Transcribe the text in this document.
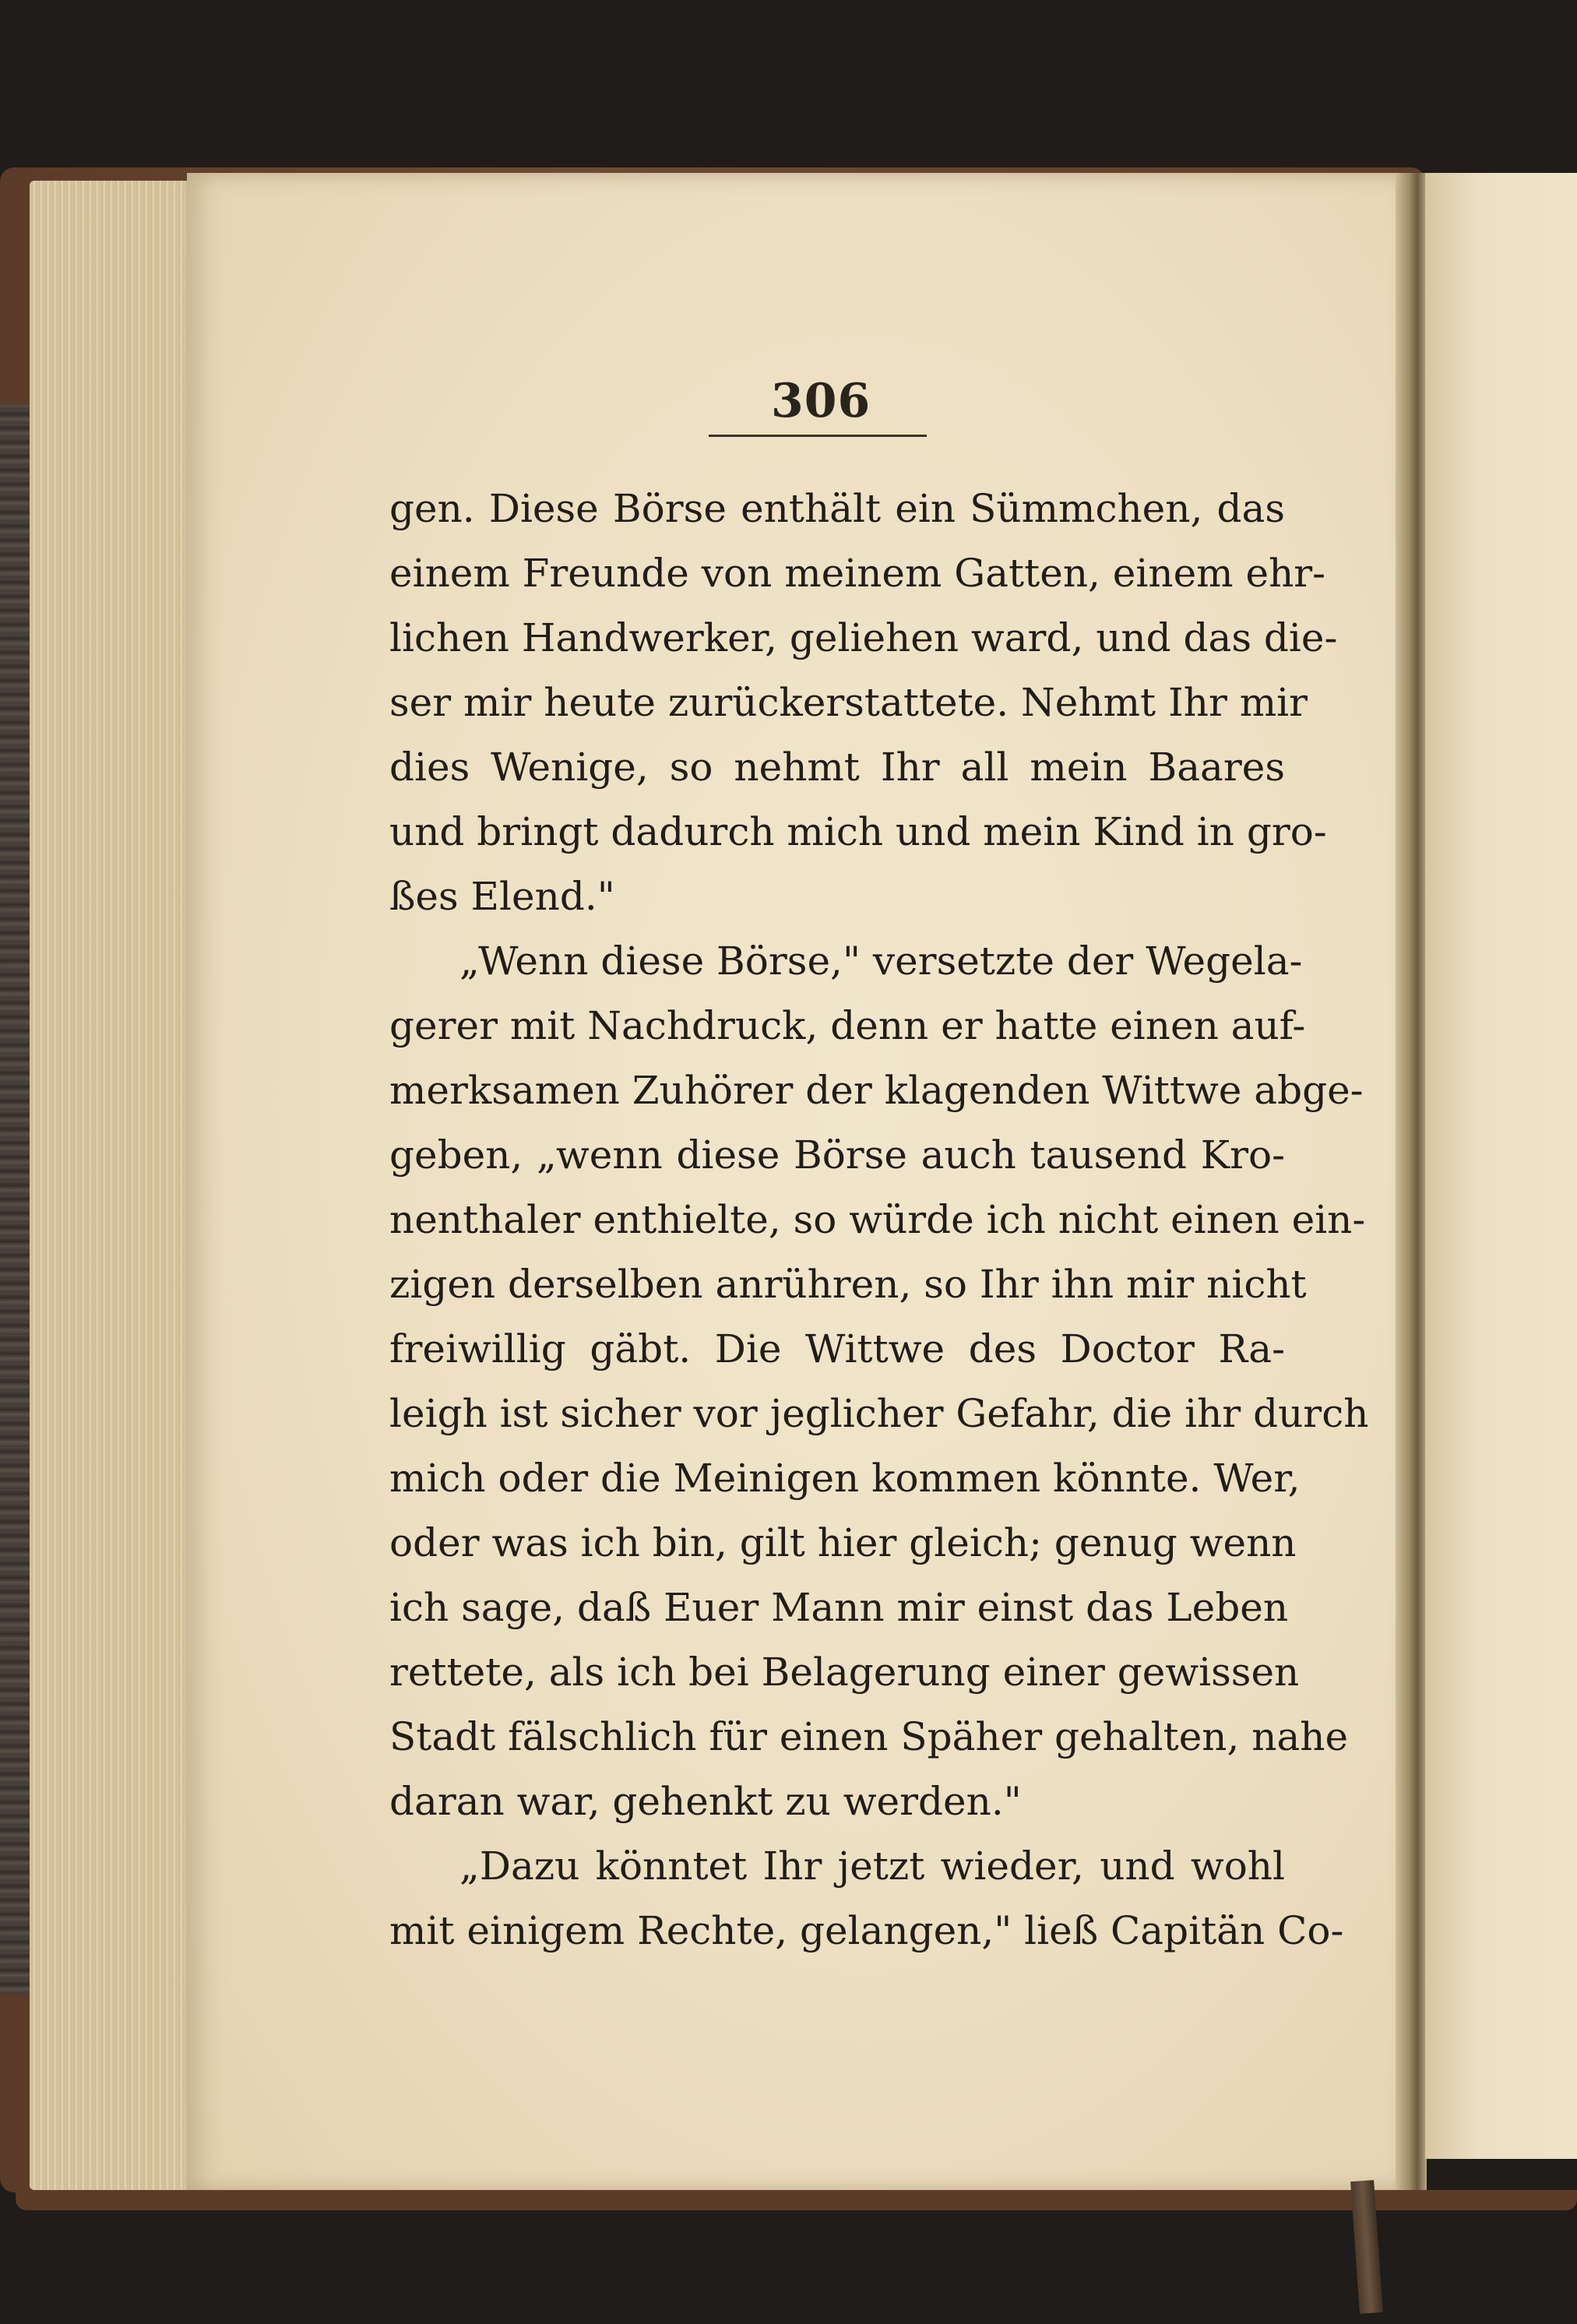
306
gen. Diese Börse enthält ein Sümmchen, das
einem Freunde von meinem Gatten, einem ehr-
lichen Handwerker, geliehen ward, und das die-
ser mir heute zurückerstattete. Nehmt Ihr mir
dies Wenige, so nehmt Ihr all mein Baares
und bringt dadurch mich und mein Kind in gro-
ßes Elend."
„Wenn diese Börse," versetzte der Wegela-
gerer mit Nachdruck, denn er hatte einen auf-
merksamen Zuhörer der klagenden Wittwe abge-
geben, „wenn diese Börse auch tausend Kro-
nenthaler enthielte, so würde ich nicht einen ein-
zigen derselben anrühren, so Ihr ihn mir nicht
freiwillig gäbt. Die Wittwe des Doctor Ra-
leigh ist sicher vor jeglicher Gefahr, die ihr durch
mich oder die Meinigen kommen könnte. Wer,
oder was ich bin, gilt hier gleich; genug wenn
ich sage, daß Euer Mann mir einst das Leben
rettete, als ich bei Belagerung einer gewissen
Stadt fälschlich für einen Späher gehalten, nahe
daran war, gehenkt zu werden."
„Dazu könntet Ihr jetzt wieder, und wohl
mit einigem Rechte, gelangen," ließ Capitän Co-
